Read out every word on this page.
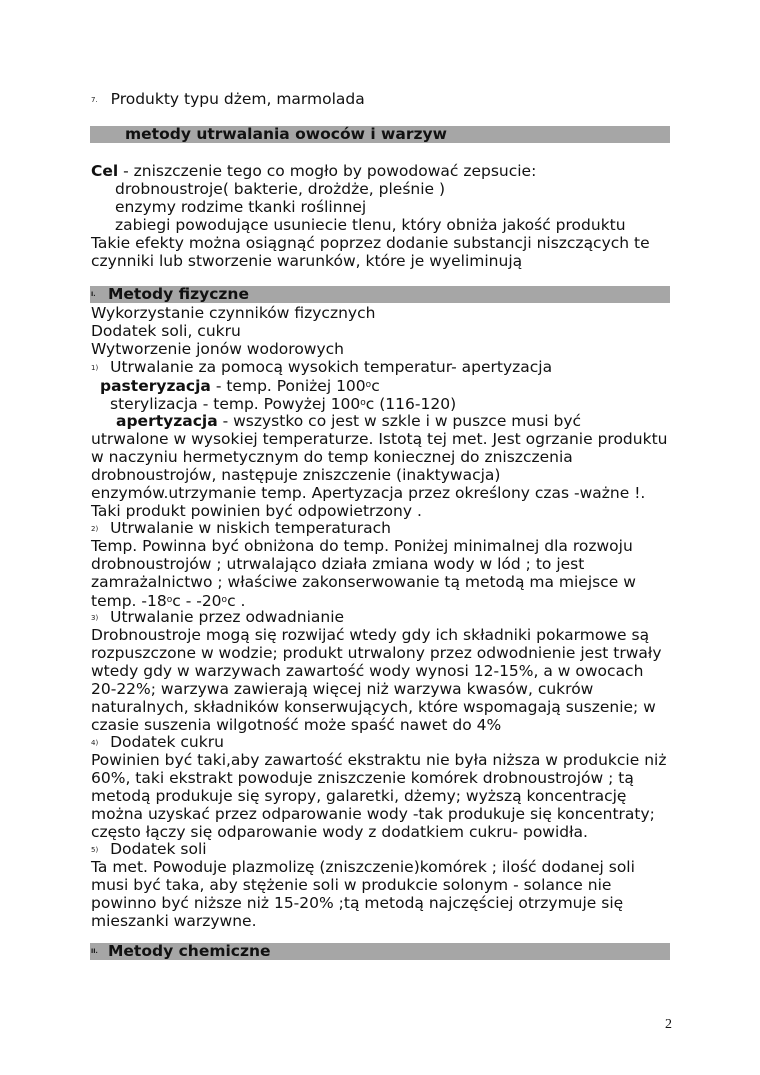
7. Produkty typu dżem, marmolada
metody utrwalania owoców i warzyw
Cel - zniszczenie tego co mogło by powodować zepsucie:
drobnoustroje( bakterie, drożdże, pleśnie )
enzymy rodzime tkanki roślinnej
zabiegi powodujące usuniecie tlenu, który obniża jakość produktu
Takie efekty można osiągnąć poprzez dodanie substancji niszczących te
czynniki lub stworzenie warunków, które je wyeliminują
I. Metody fizyczne
Wykorzystanie czynników fizycznych
Dodatek soli, cukru
Wytworzenie jonów wodorowych
1) Utrwalanie za pomocą wysokich temperatur- apertyzacja
pasteryzacja - temp. Poniżej 100$^o$c
sterylizacja - temp. Powyżej 100$^o$c (116-120)
apertyzacja - wszystko co jest w szkle i w puszce musi być
utrwalone w wysokiej temperaturze. Istotą tej met. Jest ogrzanie produktu
w naczyniu hermetycznym do temp koniecznej do zniszczenia
drobnoustrojów, następuje zniszczenie (inaktywacja)
enzymów.utrzymanie temp. Apertyzacja przez określony czas -ważne !.
Taki produkt powinien być odpowietrzony .
2) Utrwalanie w niskich temperaturach
Temp. Powinna być obniżona do temp. Poniżej minimalnej dla rozwoju
drobnoustrojów ; utrwalająco działa zmiana wody w lód ; to jest
zamrażalnictwo ; właściwe zakonserwowanie tą metodą ma miejsce w
temp. -18$^o$c - -20$^o$c .
3) Utrwalanie przez odwadnianie
Drobnoustroje mogą się rozwijać wtedy gdy ich składniki pokarmowe są
rozpuszczone w wodzie; produkt utrwalony przez odwodnienie jest trwały
wtedy gdy w warzywach zawartość wody wynosi 12-15%, a w owocach
20-22%; warzywa zawierają więcej niż warzywa kwasów, cukrów
naturalnych, składników konserwujących, które wspomagają suszenie; w
czasie suszenia wilgotność może spaść nawet do 4%
4) Dodatek cukru
Powinien być taki,aby zawartość ekstraktu nie była niższa w produkcie niż
60%, taki ekstrakt powoduje zniszczenie komórek drobnoustrojów ; tą
metodą produkuje się syropy, galaretki, dżemy; wyższą koncentrację
można uzyskać przez odparowanie wody -tak produkuje się koncentraty;
często łączy się odparowanie wody z dodatkiem cukru- powidła.
5) Dodatek soli
Ta met. Powoduje plazmolizę (zniszczenie)komórek ; ilość dodanej soli
musi być taka, aby stężenie soli w produkcie solonym - solance nie
powinno być niższe niż 15-20% ;tą metodą najczęściej otrzymuje się
mieszanki warzywne.
II. Metody chemiczne
2
